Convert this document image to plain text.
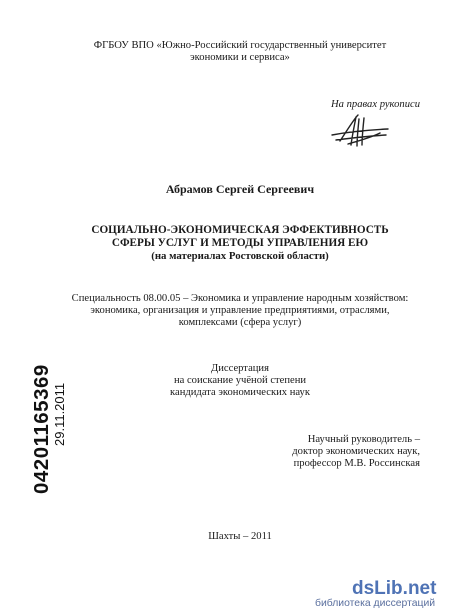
ФГБОУ ВПО «Южно-Российский государственный университет
экономики и сервиса»
На правах рукописи
Абрамов Сергей Сергеевич
СОЦИАЛЬНО-ЭКОНОМИЧЕСКАЯ ЭФФЕКТИВНОСТЬ
СФЕРЫ УСЛУГ И МЕТОДЫ УПРАВЛЕНИЯ ЕЮ
(на материалах Ростовской области)
Специальность 08.00.05 – Экономика и управление народным хозяйством:
экономика, организация и управление предприятиями, отраслями,
комплексами (сфера услуг)
Диссертация
на соискание учёной степени
кандидата экономических наук
Научный руководитель –
доктор экономических наук,
профессор М.В. Россинская
Шахты – 2011
04201165369 29.11.2011
dsLib.net
библиотека диссертаций
